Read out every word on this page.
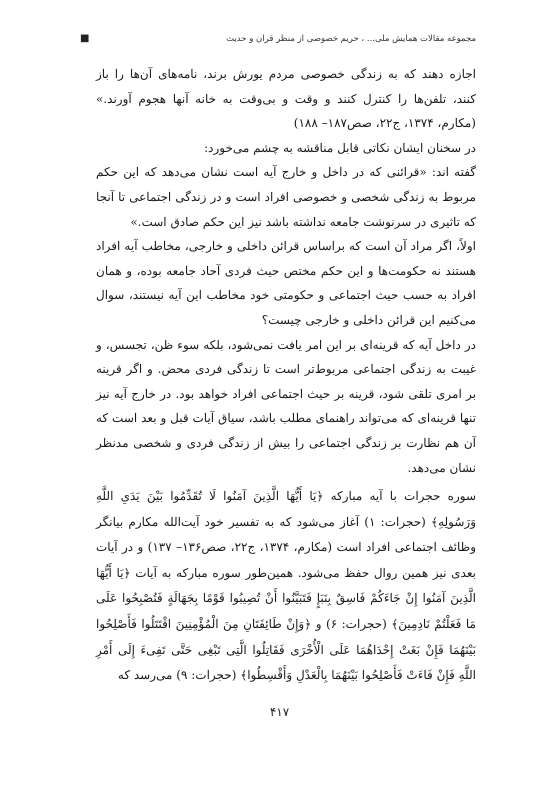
■	مجموعه مقالات همایش ملی... ، حریم خصوصی از منظر قرآن و حدیث

اجازه دهند که به زندگی خصوصی مردم یورش برند، نامه‌های آن‌ها را باز کنند، تلفن‌ها را کنترل کنند و وقت و بی‌وقت به خانه آنها هجوم آورند.» (مکارم، ۱۳۷۴، ج۲۲، صص۱۸۷– ۱۸۸)

در سخنان ایشان نکاتی قابل مناقشه به چشم می‌خورد:

گفته اند: «قرائنی که در داخل و خارج آیه است نشان می‌دهد که این حکم مربوط به زندگی شخصی و خصوصی افراد است و در زندگی اجتماعی تا آنجا که تاثیری در سرنوشت جامعه نداشته باشد نیز این حکم صادق است.»

اولاً، اگر مراد آن است که براساس قرائن داخلی و خارجی، مخاطب آیه افراد هستند نه حکومت‌ها و این حکم مختص حیث فردی آحاد جامعه بوده، و همان افراد به حسب حیث اجتماعی و حکومتی خود مخاطب این آیه نیستند، سوال می‌کنیم این قرائن داخلی و خارجی چیست؟

در داخل آیه که قرینه‌ای بر این امر یافت نمی‌شود، بلکه سوء ظن، تجسس، و غیبت به زندگی اجتماعی مربوط‌تر است تا زندگی فردی محض. و اگر قرینه بر امری تلقی شود، قرینه بر حیث اجتماعی افراد خواهد بود. در خارج آیه نیز تنها قرینه‌ای که می‌تواند راهنمای مطلب باشد، سیاق آیات قبل و بعد است که آن هم نظارت بر زندگی اجتماعی را بیش از زندگی فردی و شخصی مدنظر نشان می‌دهد.

سوره حجرات با آیه مبارکه ﴿یَا أَیُّهَا الَّذِینَ آمَنُوا لَا تُقَدِّمُوا بَیْنَ یَدَیِ اللَّهِ وَرَسُولِهِ﴾ (حجرات: ۱) آغاز می‌شود که به تفسیر خود آیت‌الله مکارم بیانگر وظائف اجتماعی افراد است (مکارم، ۱۳۷۴، ج۲۲، صص۱۳۶– ۱۳۷) و در آیات بعدی نیز همین روال حفظ می‌شود. همین‌طور سوره مبارکه به آیات ﴿یَا أَیُّهَا الَّذِینَ آمَنُوا إِنْ جَاءَکُمْ فَاسِقٌ بِنَبَإٍ فَتَبَیَّنُوا أَنْ تُصِیبُوا قَوْمًا بِجَهَالَةٍ فَتُصْبِحُوا عَلَى مَا فَعَلْتُمْ نَادِمِینَ﴾ (حجرات: ۶) و ﴿وَإِنْ طَائِفَتَانِ مِنَ الْمُؤْمِنِینَ اقْتَتَلُوا فَأَصْلِحُوا بَیْنَهُمَا فَإِنْ بَغَتْ إِحْدَاهُمَا عَلَى الْأُخْرَى فَقَاتِلُوا الَّتِی تَبْغِی حَتَّى تَفِیءَ إِلَى أَمْرِ اللَّهِ فَإِنْ فَاءَتْ فَأَصْلِحُوا بَیْنَهُمَا بِالْعَدْلِ وَأَقْسِطُوا﴾ (حجرات: ۹) می‌رسد که

۴۱۷
